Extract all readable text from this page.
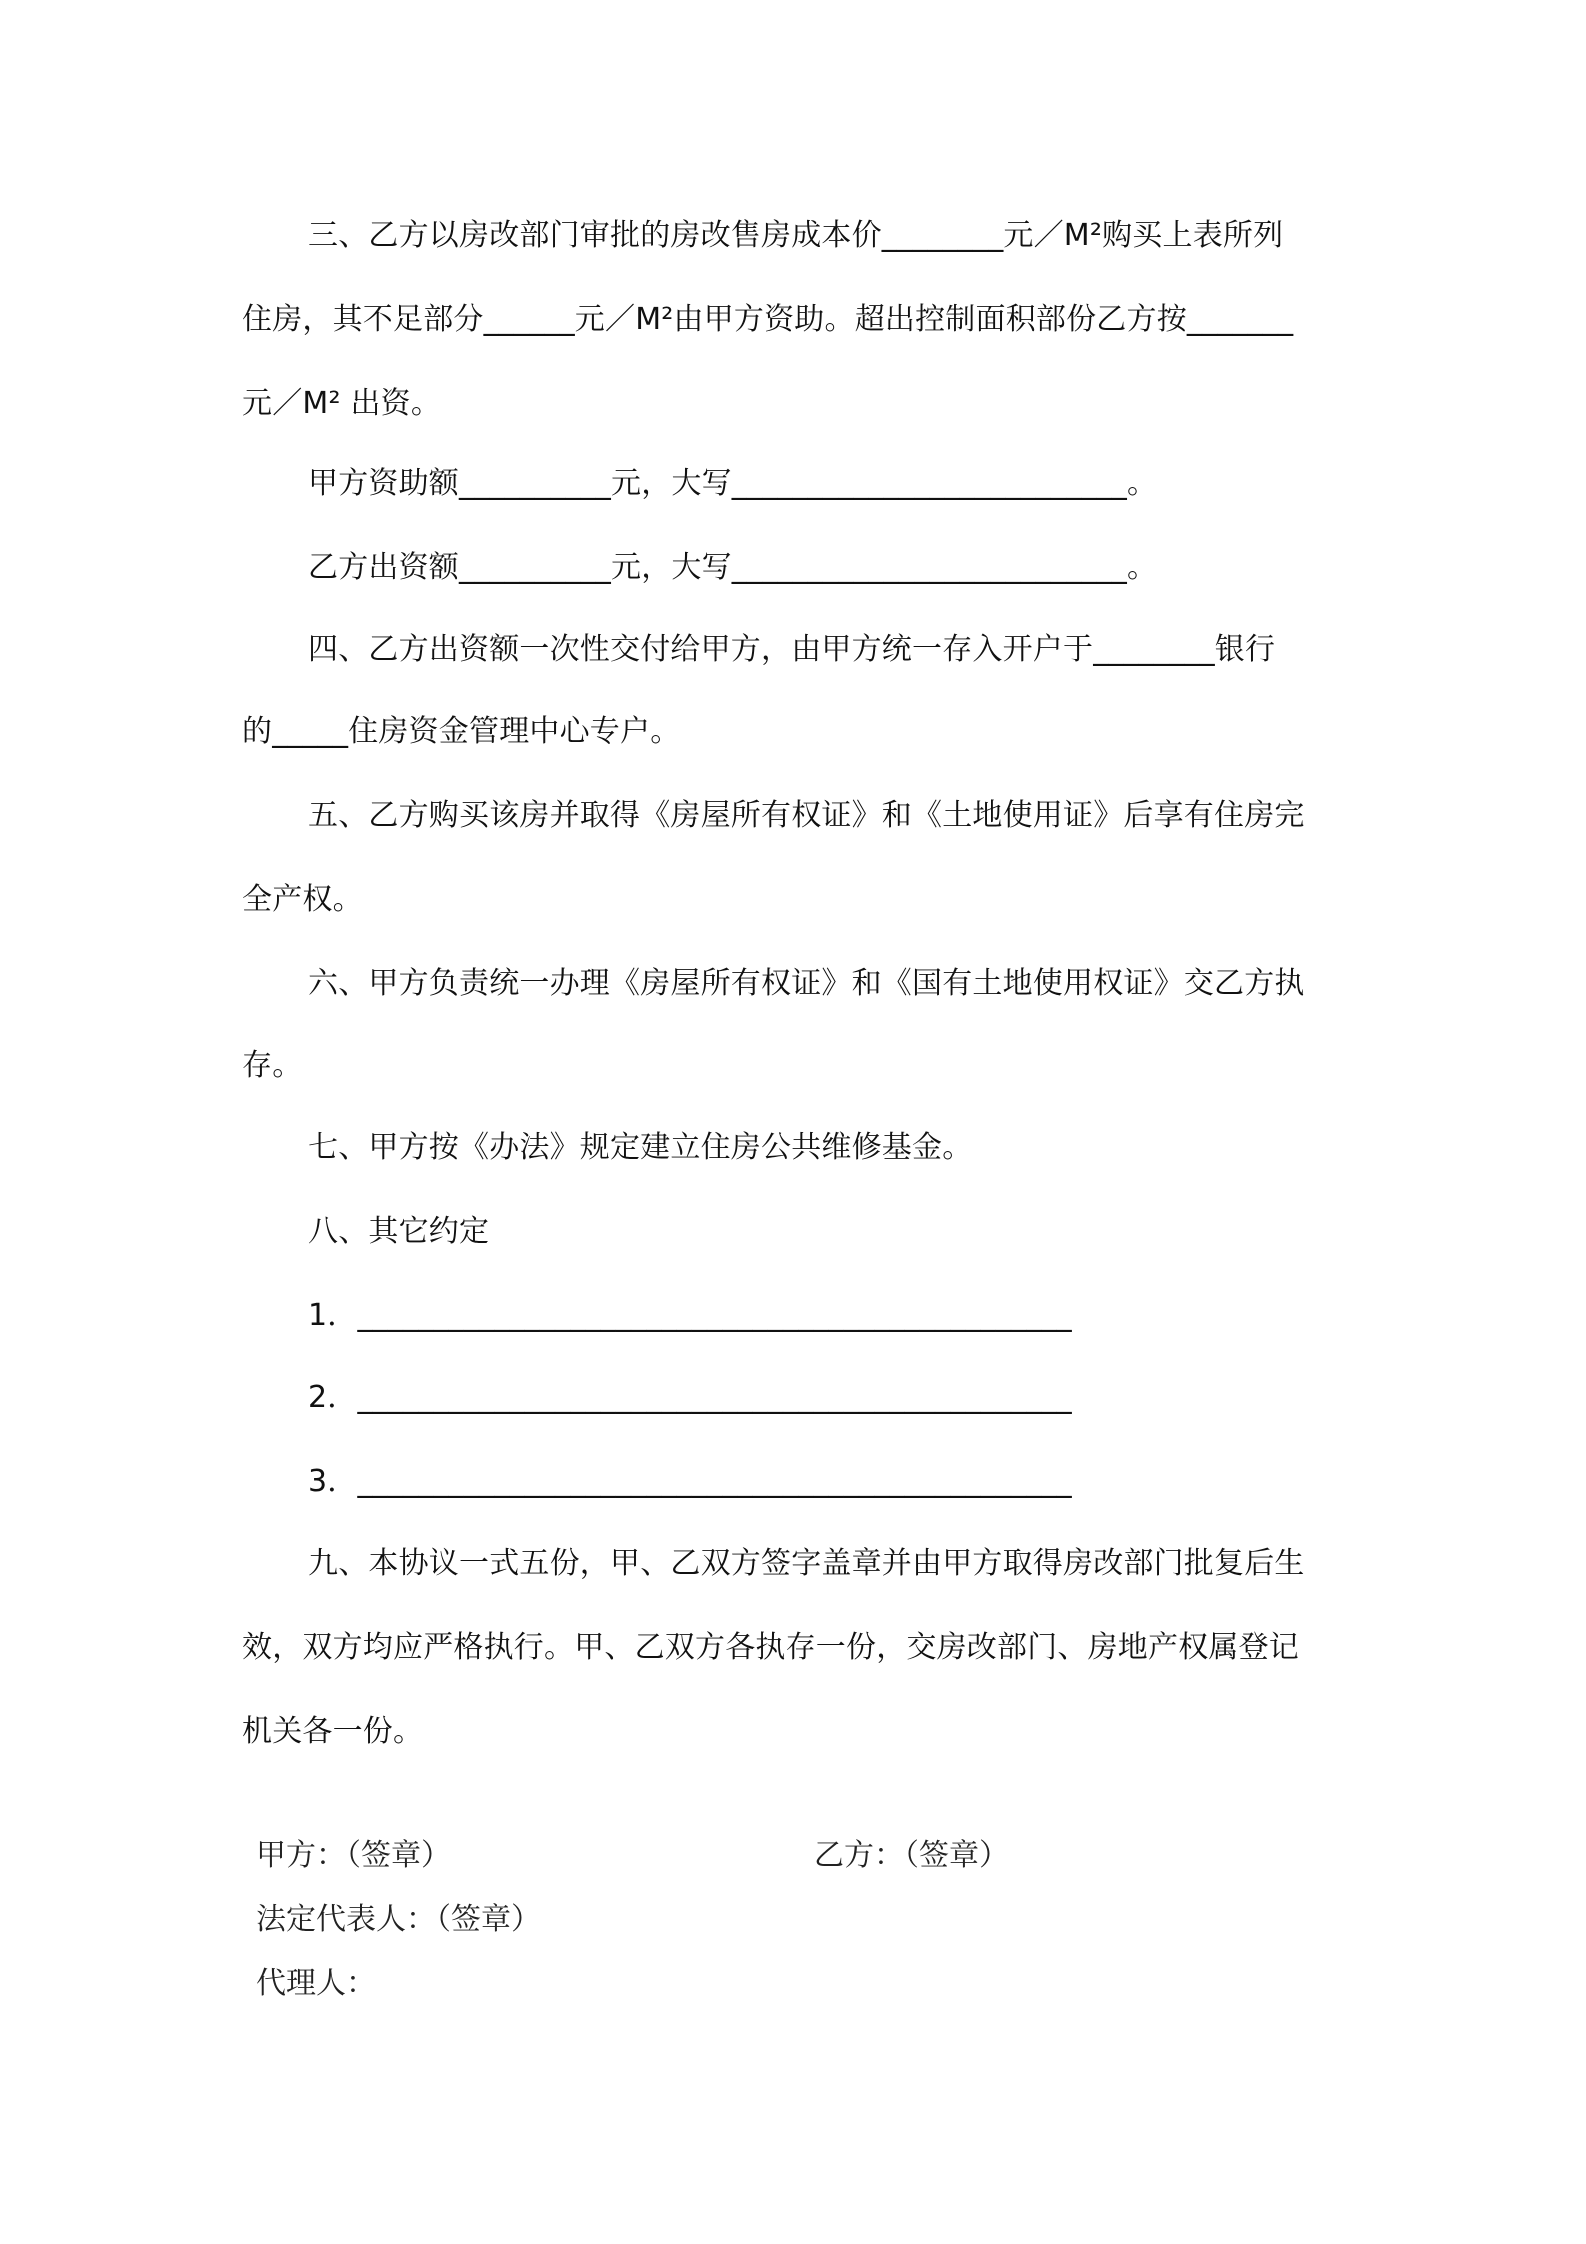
三、乙方以房改部门审批的房改售房成本价________元／M²购买上表所列
住房，其不足部分______元／M²由甲方资助。超出控制面积部份乙方按_______
元／M² 出资。
甲方资助额__________元，大写__________________________。
乙方出资额__________元，大写__________________________。
四、乙方出资额一次性交付给甲方，由甲方统一存入开户于________银行
的_____住房资金管理中心专户。
五、乙方购买该房并取得《房屋所有权证》和《土地使用证》后享有住房完
全产权。
六、甲方负责统一办理《房屋所有权证》和《国有土地使用权证》交乙方执
存。
七、甲方按《办法》规定建立住房公共维修基金。
八、其它约定
1．_______________________________________________
2．_______________________________________________
3．_______________________________________________
九、本协议一式五份，甲、乙双方签字盖章并由甲方取得房改部门批复后生
效，双方均应严格执行。甲、乙双方各执存一份，交房改部门、房地产权属登记
机关各一份。
甲方：（签章）	乙方：（签章）
法定代表人：（签章）
代理人：
